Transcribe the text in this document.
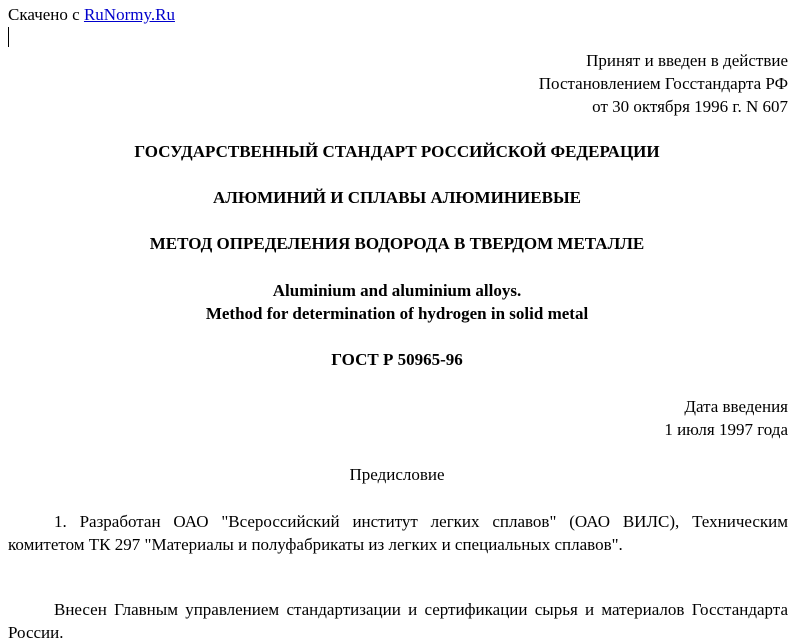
Скачено с RuNormy.Ru
Принят и введен в действие
Постановлением Госстандарта РФ
от 30 октября 1996 г. N 607
ГОСУДАРСТВЕННЫЙ СТАНДАРТ РОССИЙСКОЙ ФЕДЕРАЦИИ
АЛЮМИНИЙ И СПЛАВЫ АЛЮМИНИЕВЫЕ
МЕТОД ОПРЕДЕЛЕНИЯ ВОДОРОДА В ТВЕРДОМ МЕТАЛЛЕ
Aluminium and aluminium alloys.
Method for determination of hydrogen in solid metal
ГОСТ Р 50965-96
Дата введения
1 июля 1997 года
Предисловие
1. Разработан ОАО "Всероссийский институт легких сплавов" (ОАО ВИЛС), Техническим комитетом ТК 297 "Материалы и полуфабрикаты из легких и специальных сплавов".
Внесен Главным управлением стандартизации и сертификации сырья и материалов Госстандарта России.
